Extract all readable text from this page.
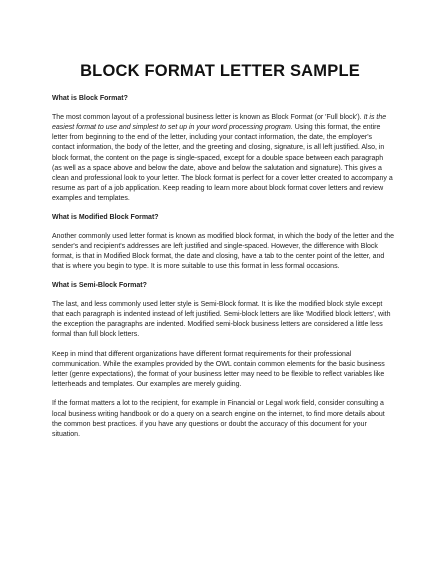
BLOCK FORMAT LETTER SAMPLE
What is Block Format?

The most common layout of a professional business letter is known as Block Format (or 'Full block'). It is the easiest format to use and simplest to set up in your word processing program. Using this format, the entire letter from beginning to the end of the letter, including your contact information, the date, the employer's contact information, the body of the letter, and the greeting and closing, signature, is all left justified. Also, in block format, the content on the page is single-spaced, except for a double space between each paragraph (as well as a space above and below the date, above and below the salutation and signature). This gives a clean and professional look to your letter. The block format is perfect for a cover letter created to accompany a resume as part of a job application. Keep reading to learn more about block format cover letters and review examples and templates.

What is Modified Block Format?

Another commonly used letter format is known as modified block format, in which the body of the letter and the sender's and recipient's addresses are left justified and single-spaced. However, the difference with Block format, is that in Modified Block format, the date and closing, have a tab to the center point of the letter, and that is where you begin to type. It is more suitable to use this format in less formal occasions.

What is Semi-Block Format?

The last, and less commonly used letter style is Semi-Block format. It is like the modified block style except that each paragraph is indented instead of left justified. Semi-block letters are like 'Modified block letters', with the exception the paragraphs are indented. Modified semi-block business letters are considered a little less formal than full block letters.

Keep in mind that different organizations have different format requirements for their professional communication. While the examples provided by the OWL contain common elements for the basic business letter (genre expectations), the format of your business letter may need to be flexible to reflect variables like letterheads and templates. Our examples are merely guiding.

If the format matters a lot to the recipient, for example in Financial or Legal work field, consider consulting a local business writing handbook or do a query on a search engine on the internet, to find more details about the common best practices. if you have any questions or doubt the accuracy of this document for your situation.
